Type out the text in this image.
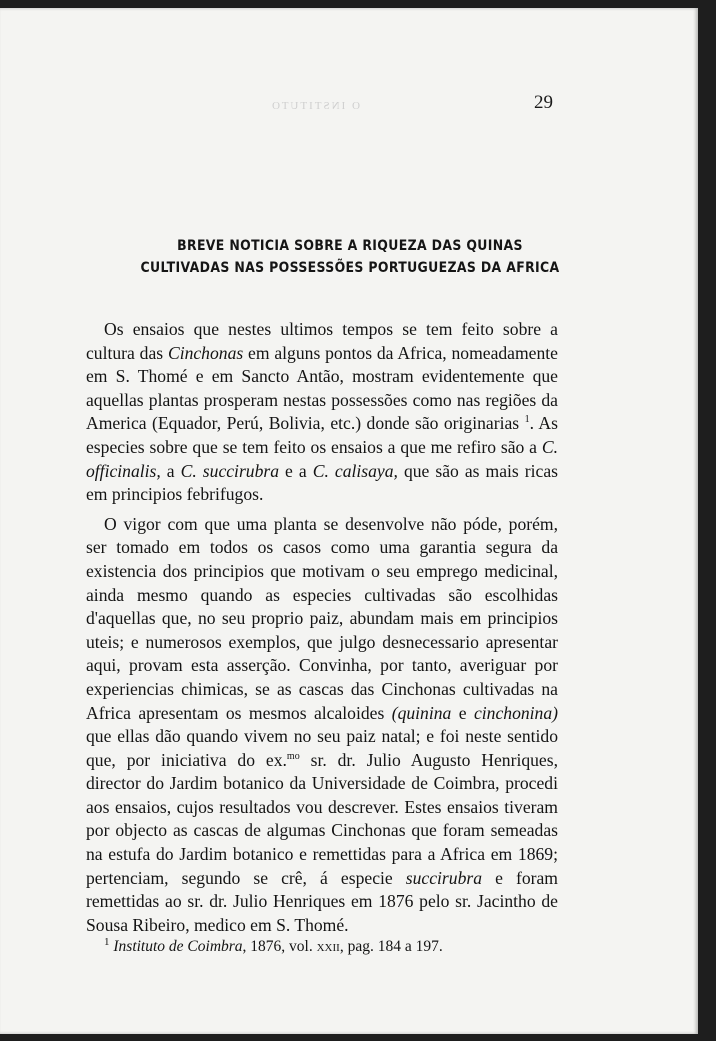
O INSTITUTO	29
BREVE NOTICIA SOBRE A RIQUEZA DAS QUINAS
CULTIVADAS NAS POSSESSÕES PORTUGUEZAS DA AFRICA

Os ensaios que nestes ultimos tempos se tem feito sobre a cultura das Cinchonas em alguns pontos da Africa, nomeadamente em S. Thomé e em Sancto Antão, mostram evidentemente que aquellas plantas prosperam nestas possessões como nas regiões da America (Equador, Perú, Bolivia, etc.) donde são originarias $^1$. As especies sobre que se tem feito os ensaios a que me refiro são a C. officinalis, a C. succirubra e a C. calisaya, que são as mais ricas em principios febrifugos.

O vigor com que uma planta se desenvolve não póde, porém, ser tomado em todos os casos como uma garantia segura da existencia dos principios que motivam o seu emprego medicinal, ainda mesmo quando as especies cultivadas são escolhidas d'aquellas que, no seu proprio paiz, abundam mais em principios uteis; e numerosos exemplos, que julgo desnecessario apresentar aqui, provam esta asserção. Convinha, por tanto, averiguar por experiencias chimicas, se as cascas das Cinchonas cultivadas na Africa apresentam os mesmos alcaloides (quinina e cinchonina) que ellas dão quando vivem no seu paiz natal; e foi neste sentido que, por iniciativa do ex.$^{mo}$ sr. dr. Julio Augusto Henriques, director do Jardim botanico da Universidade de Coimbra, procedi aos ensaios, cujos resultados vou descrever. Estes ensaios tiveram por objecto as cascas de algumas Cinchonas que foram semeadas na estufa do Jardim botanico e remettidas para a Africa em 1869; pertenciam, segundo se crê, á especie succirubra e foram remettidas ao sr. dr. Julio Henriques em 1876 pelo sr. Jacintho de Sousa Ribeiro, medico em S. Thomé.

$^1$ Instituto de Coimbra, 1876, vol. xxii, pag. 184 a 197.
